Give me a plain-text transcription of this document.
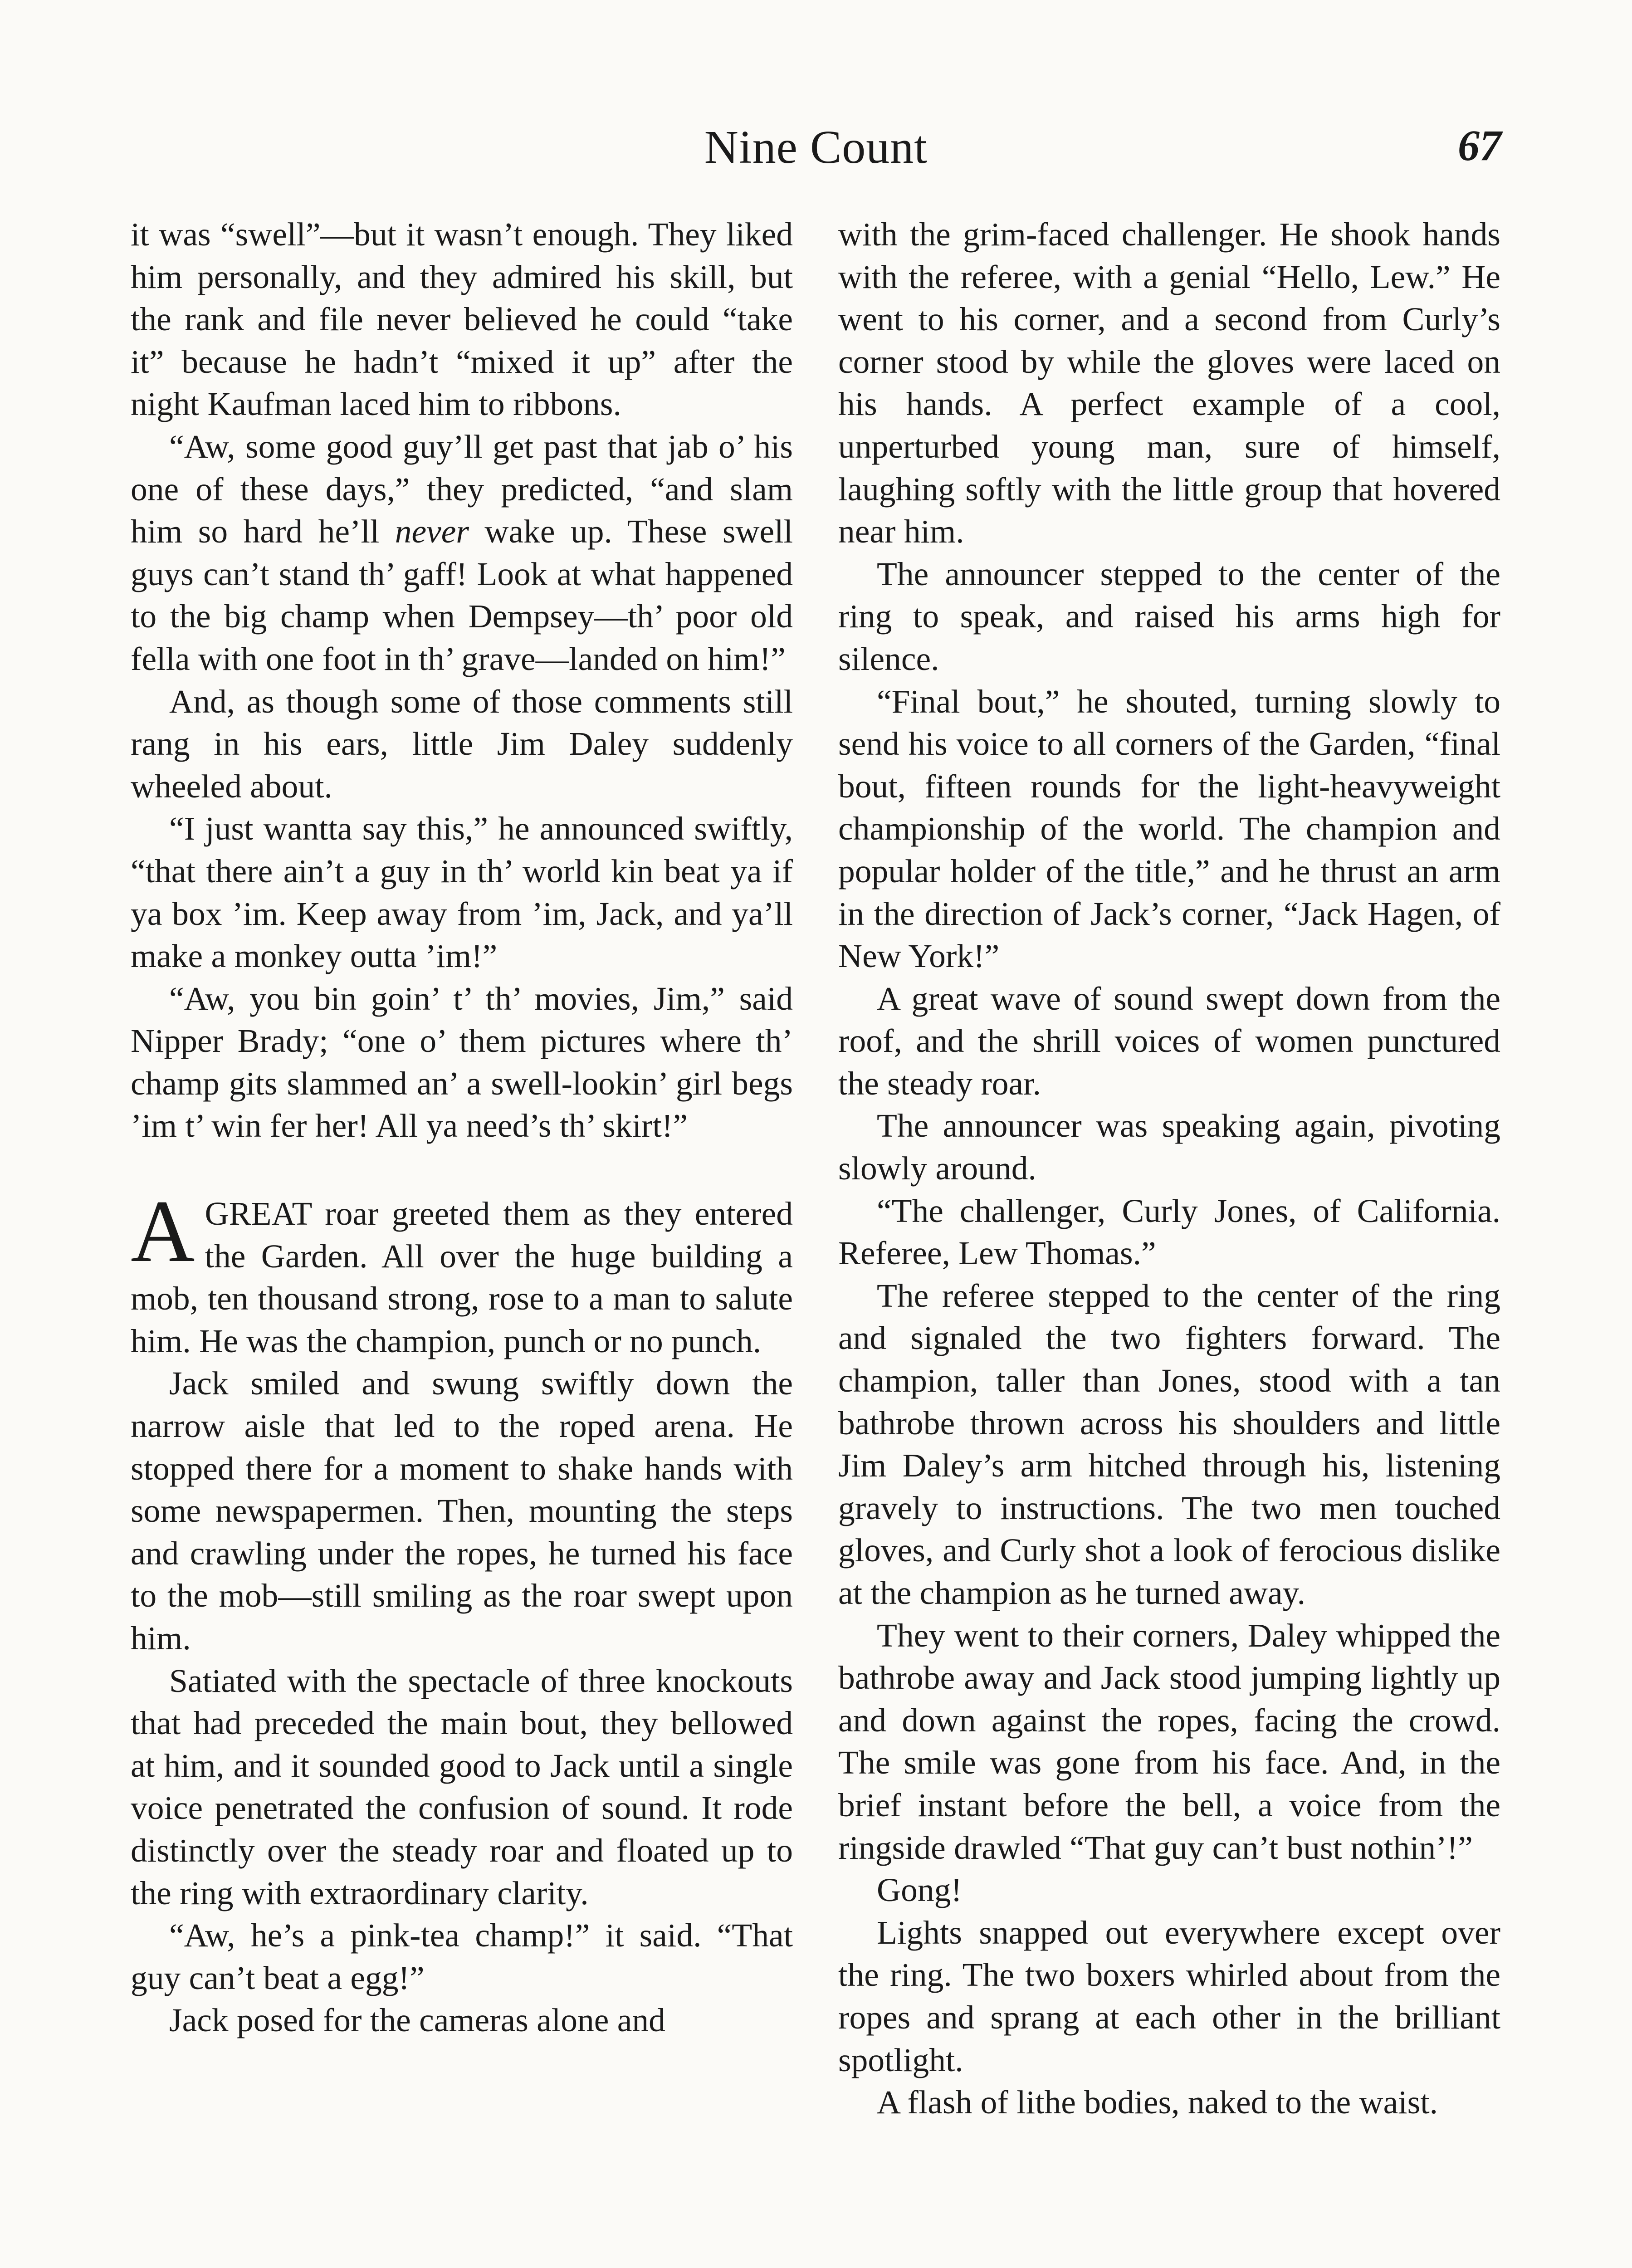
Nine Count	67

it was “swell”—but it wasn’t enough. They liked him personally, and they admired his skill, but the rank and file never believed he could “take it” because he hadn’t “mixed it up” after the night Kaufman laced him to ribbons.

“Aw, some good guy’ll get past that jab o’ his one of these days,” they predicted, “and slam him so hard he’ll never wake up. These swell guys can’t stand th’ gaff! Look at what happened to the big champ when Dempsey—th’ poor old fella with one foot in th’ grave—landed on him!”

And, as though some of those comments still rang in his ears, little Jim Daley suddenly wheeled about.

“I just wantta say this,” he announced swiftly, “that there ain’t a guy in th’ world kin beat ya if ya box ’im. Keep away from ’im, Jack, and ya’ll make a monkey outta ’im!”

“Aw, you bin goin’ t’ th’ movies, Jim,” said Nipper Brady; “one o’ them pictures where th’ champ gits slammed an’ a swell-lookin’ girl begs ’im t’ win fer her! All ya need’s th’ skirt!”

AGREAT roar greeted them as they entered the Garden. All over the huge building a mob, ten thousand strong, rose to a man to salute him. He was the champion, punch or no punch.

Jack smiled and swung swiftly down the narrow aisle that led to the roped arena. He stopped there for a moment to shake hands with some newspapermen. Then, mounting the steps and crawling under the ropes, he turned his face to the mob—still smiling as the roar swept upon him.

Satiated with the spectacle of three knockouts that had preceded the main bout, they bellowed at him, and it sounded good to Jack until a single voice penetrated the confusion of sound. It rode distinctly over the steady roar and floated up to the ring with extraordinary clarity.

“Aw, he’s a pink-tea champ!” it said. “That guy can’t beat a egg!”

Jack posed for the cameras alone and

with the grim-faced challenger. He shook hands with the referee, with a genial “Hello, Lew.” He went to his corner, and a second from Curly’s corner stood by while the gloves were laced on his hands. A perfect example of a cool, unperturbed young man, sure of himself, laughing softly with the little group that hovered near him.

The announcer stepped to the center of the ring to speak, and raised his arms high for silence.

“Final bout,” he shouted, turning slowly to send his voice to all corners of the Garden, “final bout, fifteen rounds for the light-heavyweight championship of the world. The champion and popular holder of the title,” and he thrust an arm in the direction of Jack’s corner, “Jack Hagen, of New York!”

A great wave of sound swept down from the roof, and the shrill voices of women punctured the steady roar.

The announcer was speaking again, pivoting slowly around.

“The challenger, Curly Jones, of California. Referee, Lew Thomas.”

The referee stepped to the center of the ring and signaled the two fighters forward. The champion, taller than Jones, stood with a tan bathrobe thrown across his shoulders and little Jim Daley’s arm hitched through his, listening gravely to instructions. The two men touched gloves, and Curly shot a look of ferocious dislike at the champion as he turned away.

They went to their corners, Daley whipped the bathrobe away and Jack stood jumping lightly up and down against the ropes, facing the crowd. The smile was gone from his face. And, in the brief instant before the bell, a voice from the ringside drawled “That guy can’t bust nothin’!”

Gong!

Lights snapped out everywhere except over the ring. The two boxers whirled about from the ropes and sprang at each other in the brilliant spotlight.

A flash of lithe bodies, naked to the waist.
